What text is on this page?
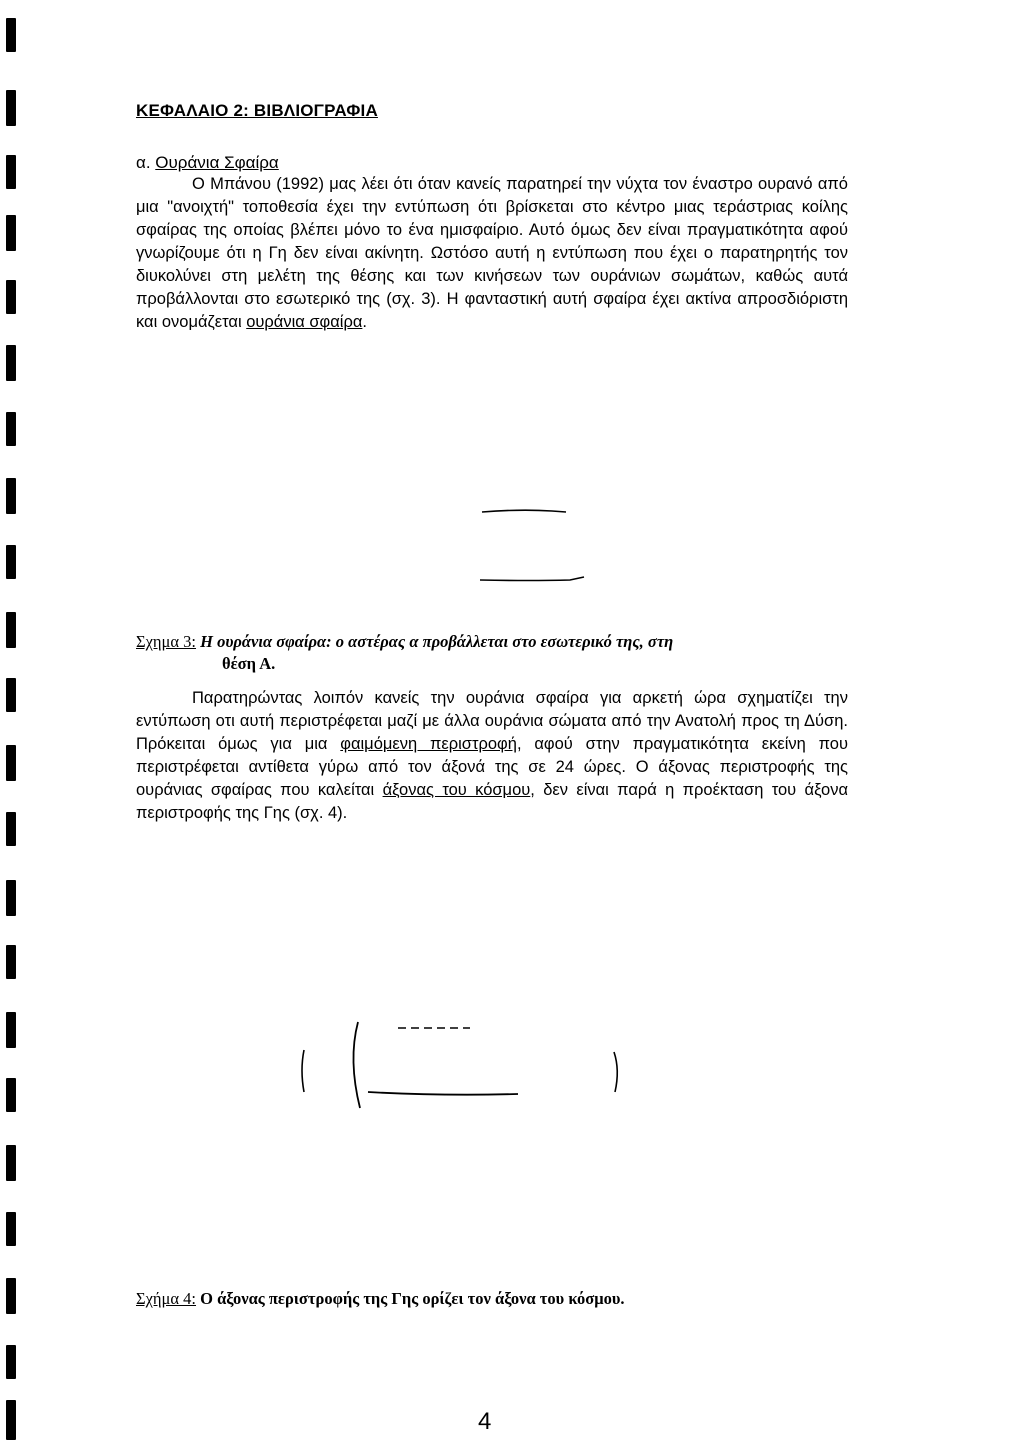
ΚΕΦΑΛΑΙΟ 2: ΒΙΒΛΙΟΓΡΑΦΙΑ
α. Ουράνια Σφαίρα
Ο Μπάνου (1992) μας λέει ότι όταν κανείς παρατηρεί την νύχτα τον έναστρο ουρανό από μια "ανοιχτή" τοποθεσία έχει την εντύπωση ότι βρίσκεται στο κέντρο μιας τεράστριας κοίλης σφαίρας της οποίας βλέπει μόνο το ένα ημισφαίριο. Αυτό όμως δεν είναι πραγματικότητα αφού γνωρίζουμε ότι η Γη δεν είναι ακίνητη. Ωστόσο αυτή η εντύπωση που έχει ο παρατηρητής τον διυκολύνει στη μελέτη της θέσης και των κινήσεων των ουράνιων σωμάτων, καθώς αυτά προβάλλονται στο εσωτερικό της (σχ. 3). Η φανταστική αυτή σφαίρα έχει ακτίνα απροσδιόριστη και ονομάζεται ουράνια σφαίρα.
Σχημα 3: Η ουράνια σφαίρα: ο αστέρας α προβάλλεται στο εσωτερικό της, στη
θέση Α.
Παρατηρώντας λοιπόν κανείς την ουράνια σφαίρα για αρκετή ώρα σχηματίζει την εντύπωση οτι αυτή περιστρέφεται μαζί με άλλα ουράνια σώματα από την Ανατολή προς τη Δύση. Πρόκειται όμως για μια φαιμόμενη περιστροφή, αφού στην πραγματικότητα εκείνη που περιστρέφεται αντίθετα γύρω από τον άξονά της σε 24 ώρες. Ο άξονας περιστροφής της ουράνιας σφαίρας που καλείται άξονας του κόσμου, δεν είναι παρά η προέκταση του άξονα περιστροφής της Γης (σχ. 4).
Σχήμα 4: Ο άξονας περιστροφής της Γης ορίζει τον άξονα του κόσμου.
4
